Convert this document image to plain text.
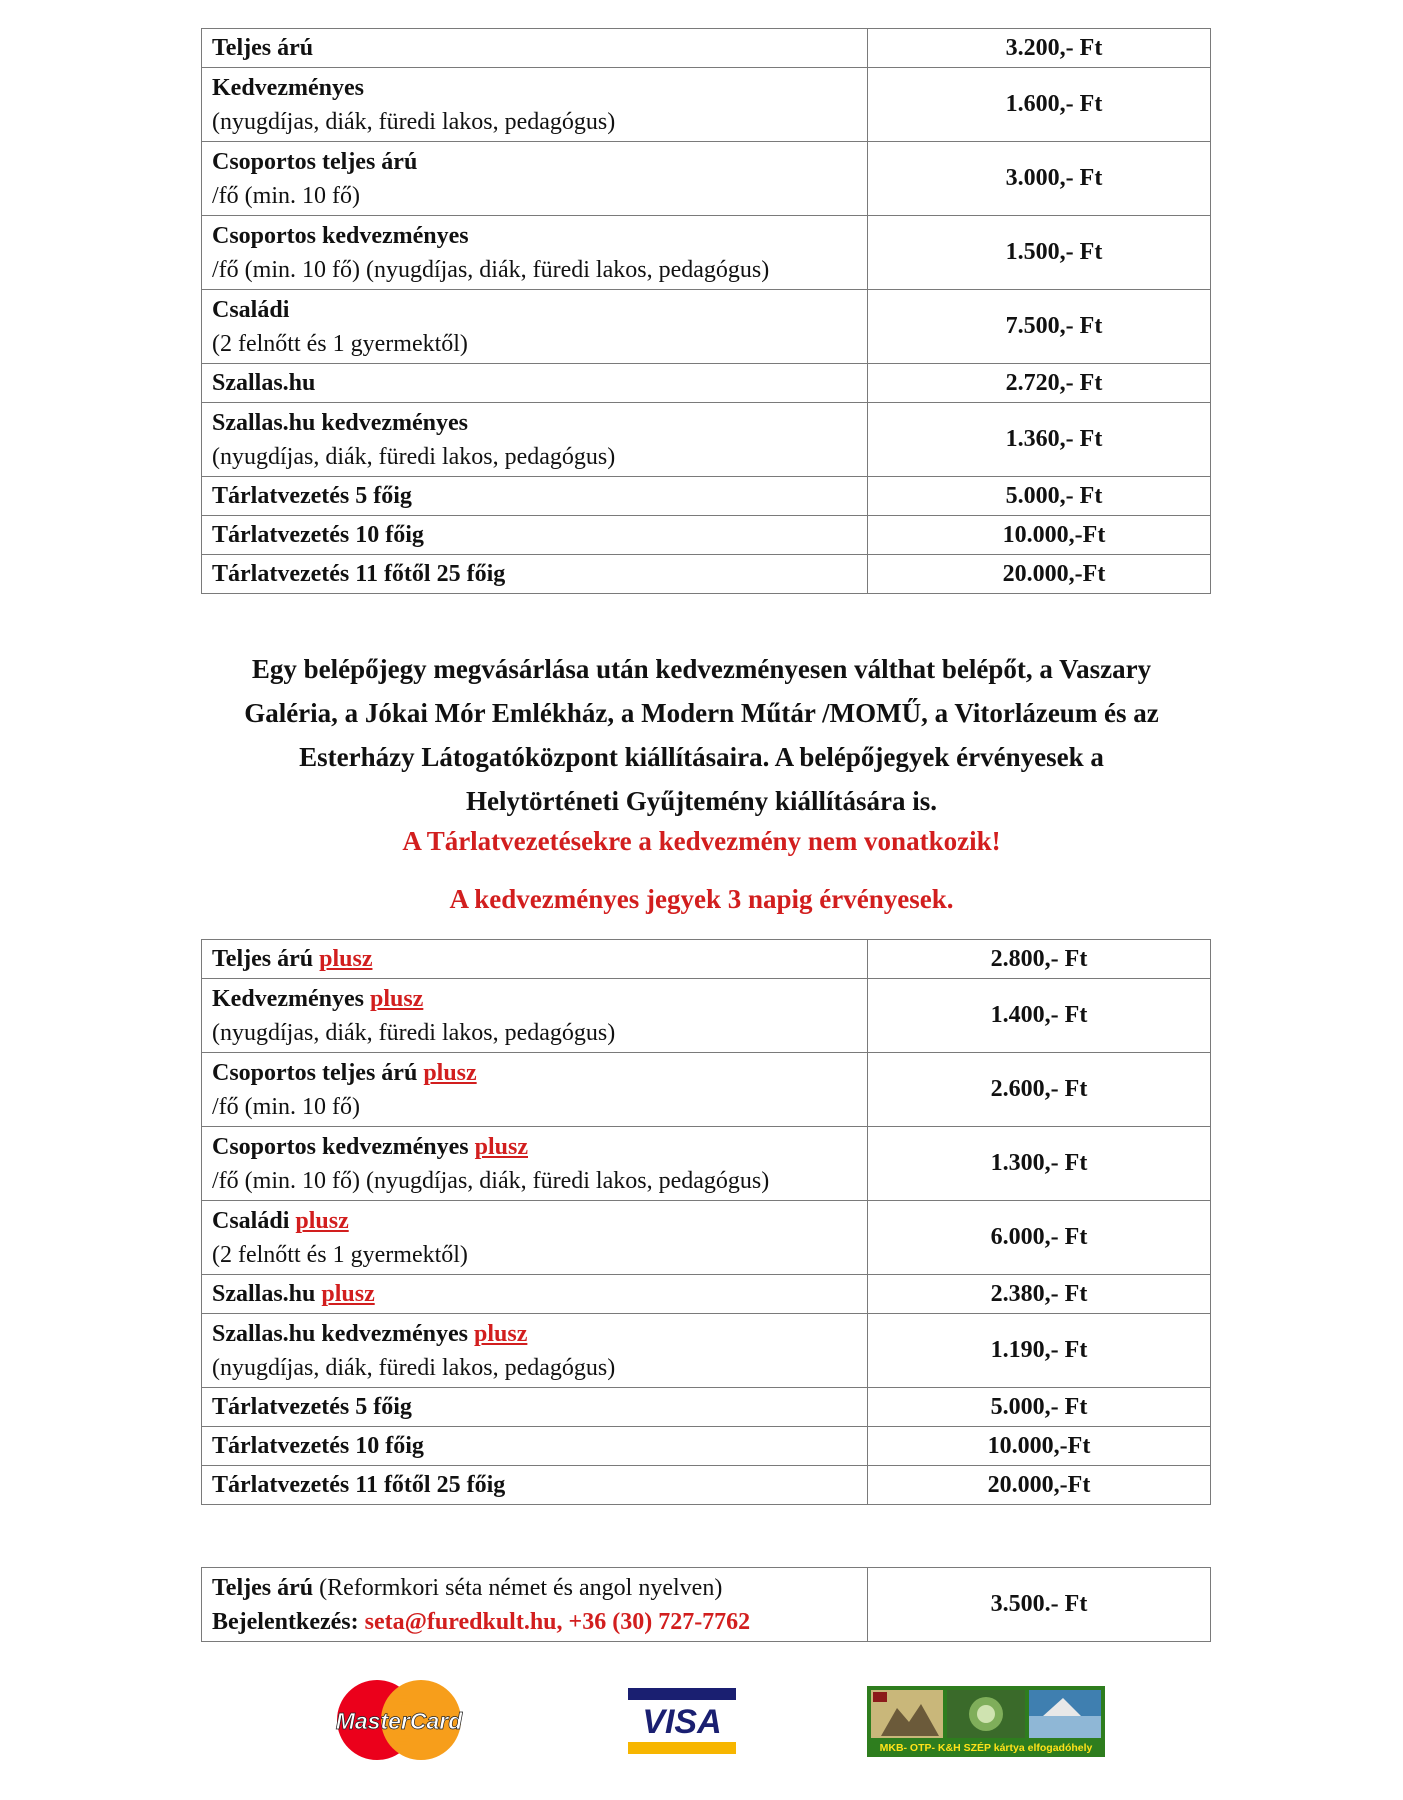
Teljes árú	3.200,- Ft

Kedvezményes
(nyugdíjas, diák, füredi lakos, pedagógus)	1.600,- Ft

Csoportos teljes árú
/fő (min. 10 fő)	3.000,- Ft

Csoportos kedvezményes
/fő (min. 10 fő) (nyugdíjas, diák, füredi lakos, pedagógus)	1.500,- Ft

Családi
(2 felnőtt és 1 gyermektől)	7.500,- Ft

Szallas.hu	2.720,- Ft

Szallas.hu kedvezményes
(nyugdíjas, diák, füredi lakos, pedagógus)	1.360,- Ft

Tárlatvezetés 5 főig	5.000,- Ft

Tárlatvezetés 10 főig	10.000,-Ft

Tárlatvezetés 11 főtől 25 főig	20.000,-Ft
Egy belépőjegy megvásárlása után kedvezményesen válthat belépőt, a Vaszary
Galéria, a Jókai Mór Emlékház, a Modern Műtár /MOMŰ, a Vitorlázeum és az
Esterházy Látogatóközpont kiállításaira. A belépőjegyek érvényesek a
Helytörténeti Gyűjtemény kiállítására is.
A Tárlatvezetésekre a kedvezmény nem vonatkozik!
A kedvezményes jegyek 3 napig érvényesek.
Teljes árú plusz	2.800,- Ft

Kedvezményes plusz
(nyugdíjas, diák, füredi lakos, pedagógus)	1.400,- Ft

Csoportos teljes árú plusz
/fő (min. 10 fő)	2.600,- Ft

Csoportos kedvezményes plusz
/fő (min. 10 fő) (nyugdíjas, diák, füredi lakos, pedagógus)	1.300,- Ft

Családi plusz
(2 felnőtt és 1 gyermektől)	6.000,- Ft
Szallas.hu plusz	2.380,- Ft

Szallas.hu kedvezményes plusz
(nyugdíjas, diák, füredi lakos, pedagógus)	1.190,- Ft
Tárlatvezetés 5 főig	5.000,- Ft
Tárlatvezetés 10 főig	10.000,-Ft
Tárlatvezetés 11 főtől 25 főig	20.000,-Ft
Teljes árú (Reformkori séta német és angol nyelven)
Bejelentkezés: seta@furedkult.hu, +36 (30) 727-7762
	3.500.- Ft
MasterCard	VISA
MKB- OTP- K&H SZÉP kártya elfogadóhely
